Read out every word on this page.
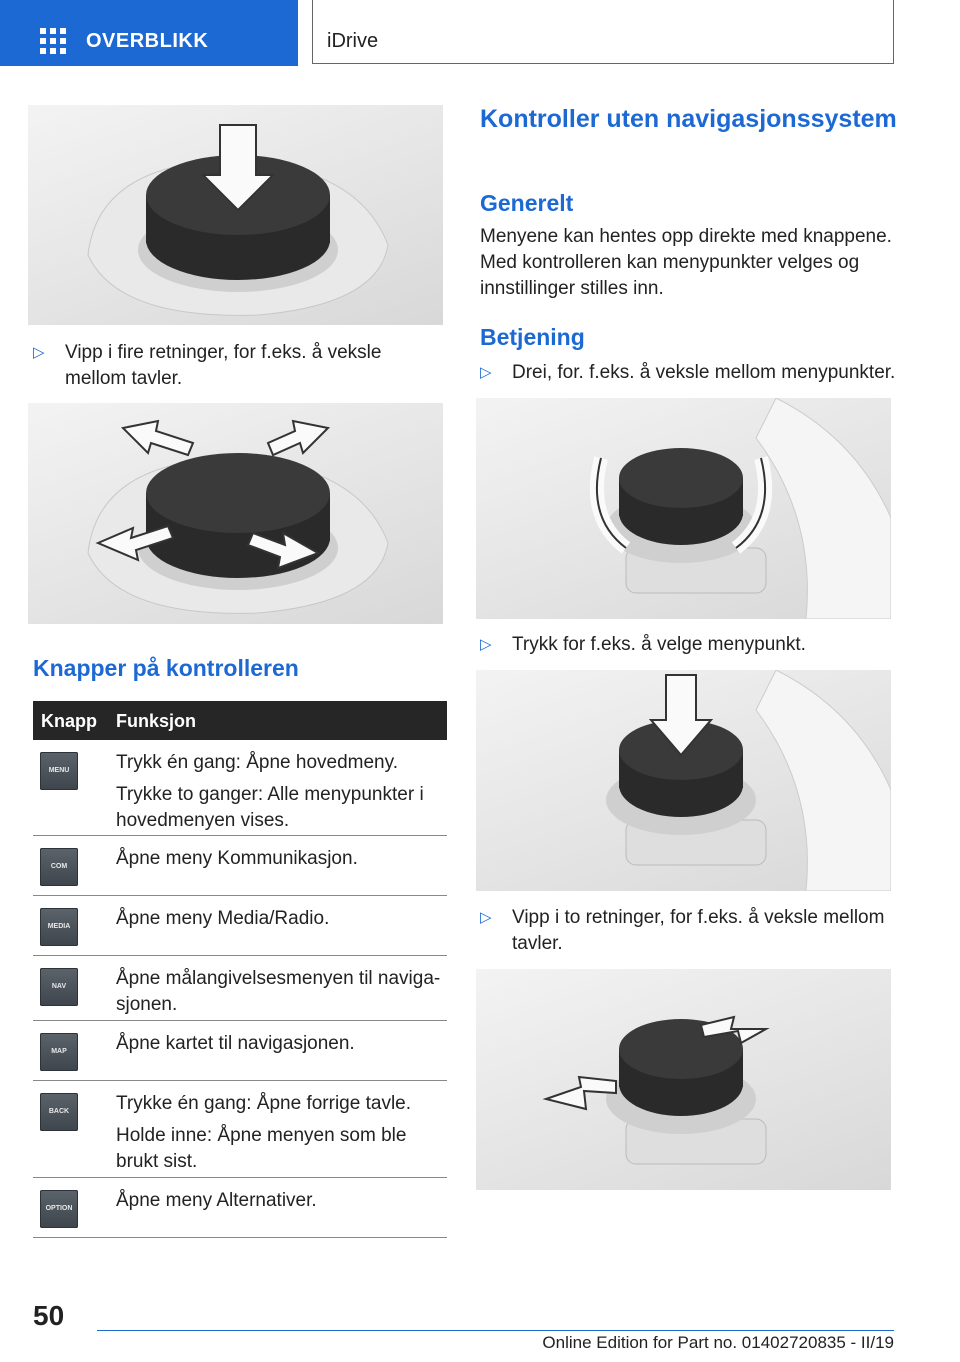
OVERBLIKK	iDrive
▷ Vipp i fire retninger, for f.eks. å veksle mellom tavler.
Knapper på kontrolleren
Knapp Funksjon
MENU	Trykk én gang: Åpne hovedmeny.

Trykke to ganger: Alle menypunkter i hovedmenyen vises.

COM	Åpne meny Kommunikasjon.

MEDIA	Åpne meny Media/Radio.

NAV	Åpne målangivelsesmenyen til naviga‐sjonen.

MAP	Åpne kartet til navigasjonen.

BACK	Trykke én gang: Åpne forrige tavle.

Holde inne: Åpne menyen som ble brukt sist.

OPTION Åpne meny Alternativer.

Kontroller uten navigasjonssystem
Generelt
Menyene kan hentes opp direkte med knappene. Med kontrolleren kan menypunkter velges og innstillinger stilles inn.
Betjening
▷ Drei, for. f.eks. å veksle mellom menypunkter.
▷ Trykk for f.eks. å velge menypunkt.
▷ Vipp i to retninger, for f.eks. å veksle mellom tavler.
50
Online Edition for Part no. 01402720835 - II/19
